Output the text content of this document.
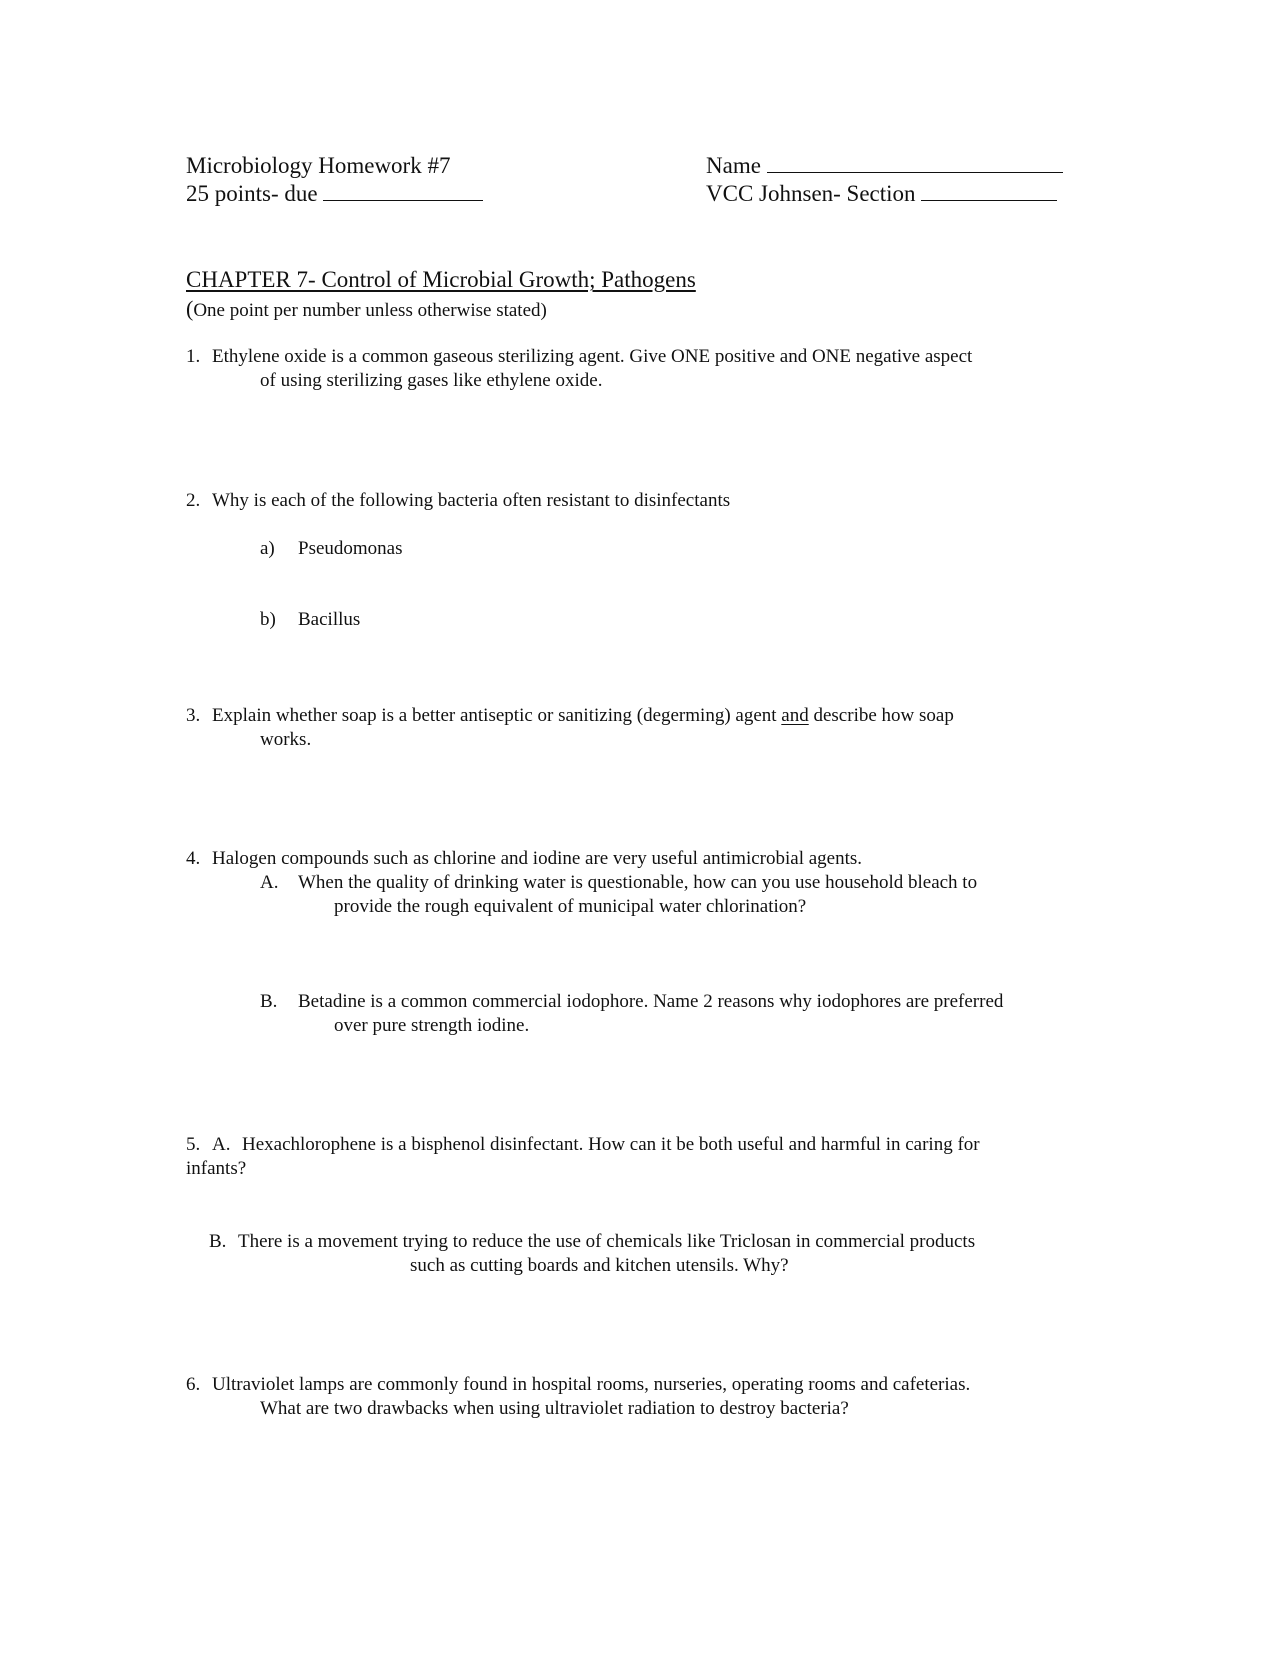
Microbiology Homework #7
25 points- due
Name
VCC Johnsen- Section
CHAPTER 7- Control of Microbial Growth; Pathogens
(One point per number unless otherwise stated)
1. Ethylene oxide is a common gaseous sterilizing agent. Give ONE positive and ONE negative aspect
of using sterilizing gases like ethylene oxide.
2. Why is each of the following bacteria often resistant to disinfectants
a) Pseudomonas
b) Bacillus
3. Explain whether soap is a better antiseptic or sanitizing (degerming) agent and describe how soap
works.
4. Halogen compounds such as chlorine and iodine are very useful antimicrobial agents.
A. When the quality of drinking water is questionable, how can you use household bleach to
provide the rough equivalent of municipal water chlorination?
B. Betadine is a common commercial iodophore. Name 2 reasons why iodophores are preferred
over pure strength iodine.
5. A. Hexachlorophene is a bisphenol disinfectant. How can it be both useful and harmful in caring for
infants?
B. There is a movement trying to reduce the use of chemicals like Triclosan in commercial products
such as cutting boards and kitchen utensils. Why?
6. Ultraviolet lamps are commonly found in hospital rooms, nurseries, operating rooms and cafeterias.
What are two drawbacks when using ultraviolet radiation to destroy bacteria?
